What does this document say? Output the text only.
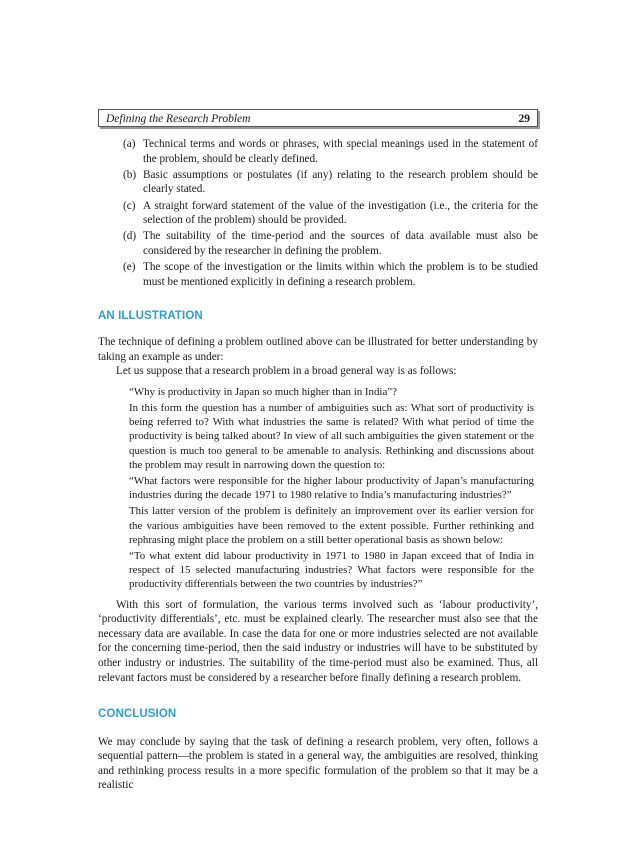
Defining the Research Problem	29
(a) Technical terms and words or phrases, with special meanings used in the statement of the problem, should be clearly defined.
(b) Basic assumptions or postulates (if any) relating to the research problem should be clearly stated.
(c) A straight forward statement of the value of the investigation (i.e., the criteria for the selection of the problem) should be provided.
(d) The suitability of the time-period and the sources of data available must also be considered by the researcher in defining the problem.
(e) The scope of the investigation or the limits within which the problem is to be studied must be mentioned explicitly in defining a research problem.
AN ILLUSTRATION

The technique of defining a problem outlined above can be illustrated for better understanding by taking an example as under:

Let us suppose that a research problem in a broad general way is as follows:

“Why is productivity in Japan so much higher than in India”?

In this form the question has a number of ambiguities such as: What sort of productivity is being referred to? With what industries the same is related? With what period of time the productivity is being talked about? In view of all such ambiguities the given statement or the question is much too general to be amenable to analysis. Rethinking and discussions about the problem may result in narrowing down the question to:

“What factors were responsible for the higher labour productivity of Japan’s manufacturing industries during the decade 1971 to 1980 relative to India’s manufacturing industries?”

This latter version of the problem is definitely an improvement over its earlier version for the various ambiguities have been removed to the extent possible. Further rethinking and rephrasing might place the problem on a still better operational basis as shown below:

“To what extent did labour productivity in 1971 to 1980 in Japan exceed that of India in respect of 15 selected manufacturing industries? What factors were responsible for the productivity differentials between the two countries by industries?”

With this sort of formulation, the various terms involved such as ‘labour productivity’, ‘productivity differentials’, etc. must be explained clearly. The researcher must also see that the necessary data are available. In case the data for one or more industries selected are not available for the concerning time-period, then the said industry or industries will have to be substituted by other industry or industries. The suitability of the time-period must also be examined. Thus, all relevant factors must be considered by a researcher before finally defining a research problem.

CONCLUSION

We may conclude by saying that the task of defining a research problem, very often, follows a sequential pattern—the problem is stated in a general way, the ambiguities are resolved, thinking and rethinking process results in a more specific formulation of the problem so that it may be a realistic
